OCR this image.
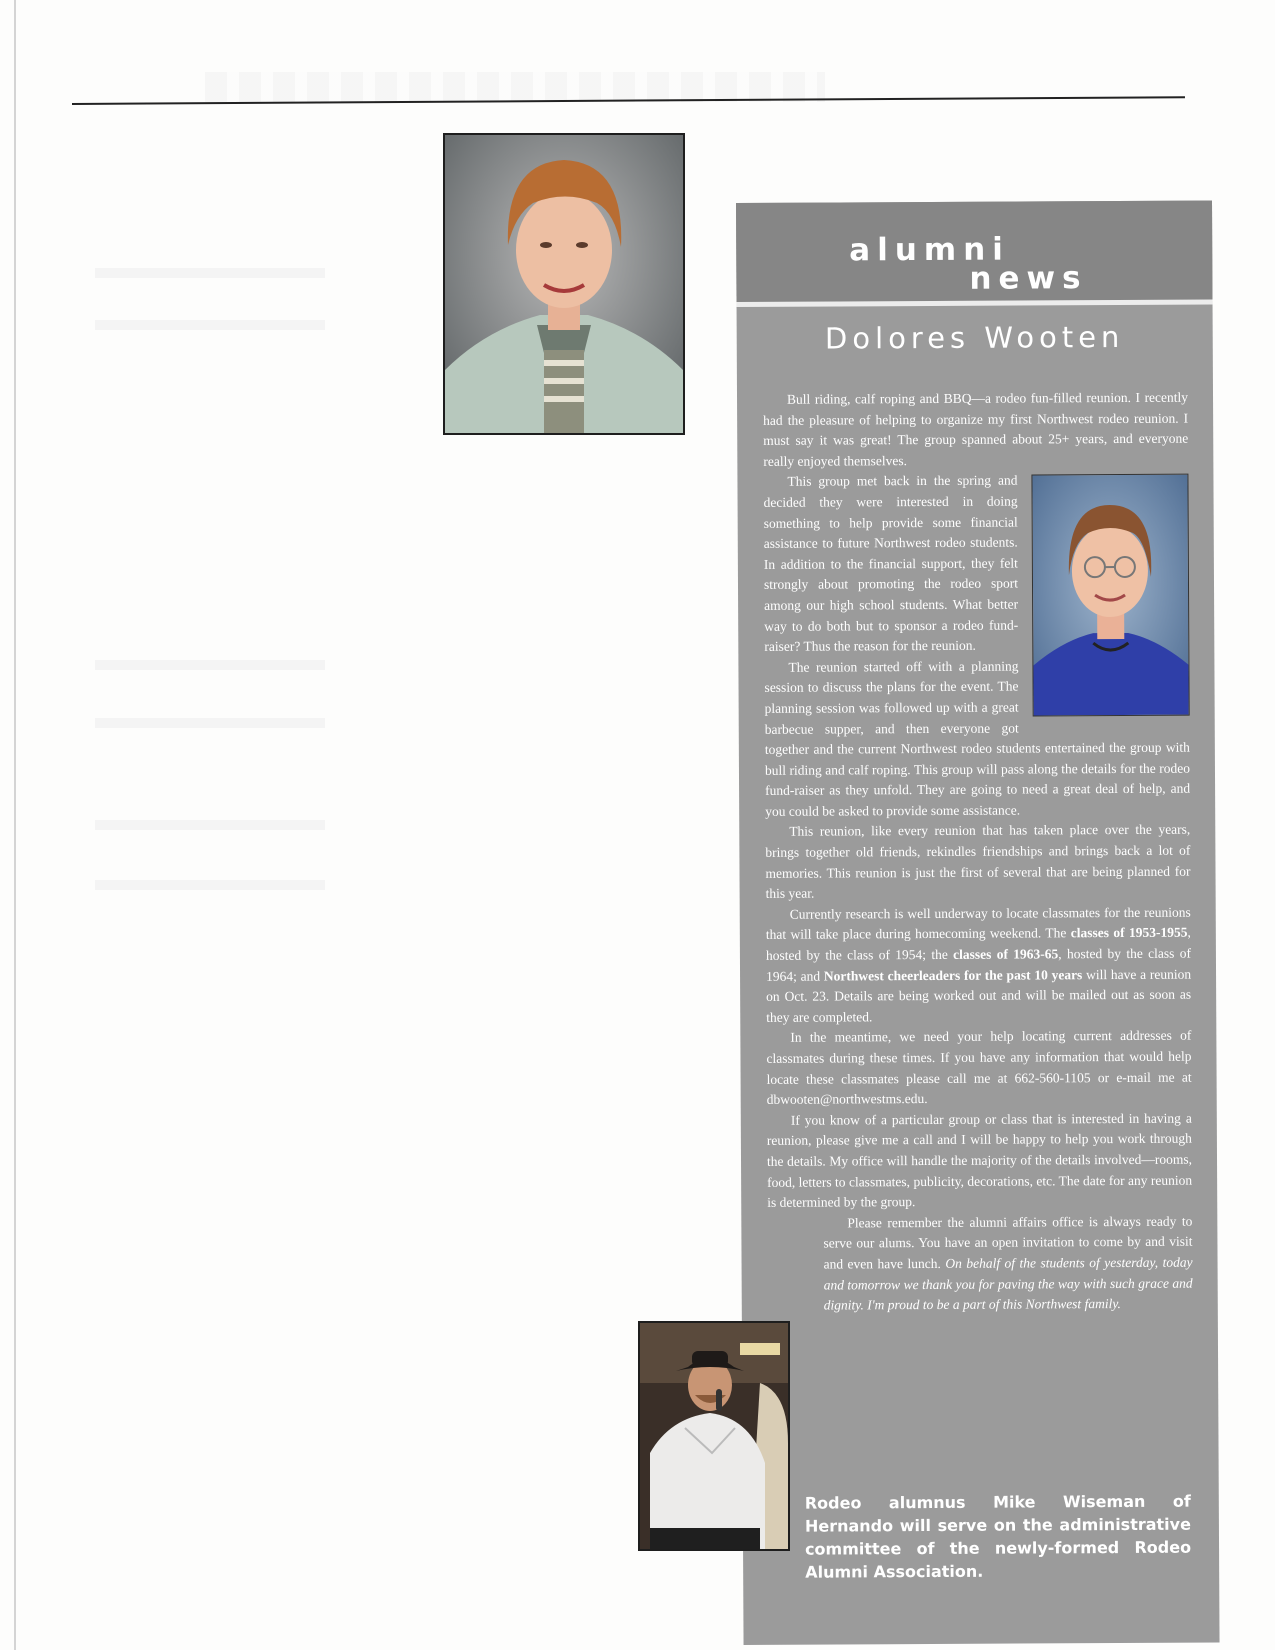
alumni
news
Dolores Wooten

Bull riding, calf roping and BBQ—a rodeo fun-filled reunion. I recently had the pleasure of helping to organize my first Northwest rodeo reunion. I must say it was great! The group spanned about 25+ years, and everyone really enjoyed themselves.

This group met back in the spring and decided they were interested in doing something to help provide some financial assistance to future Northwest rodeo students. In addition to the financial support, they felt strongly about promoting the rodeo sport among our high school students. What better way to do both but to sponsor a rodeo fund-raiser? Thus the reason for the reunion.

The reunion started off with a planning session to discuss the plans for the event. The planning session was followed up with a great barbecue supper, and then everyone got together and the current Northwest rodeo students entertained the group with bull riding and calf roping. This group will pass along the details for the rodeo fund-raiser as they unfold. They are going to need a great deal of help, and you could be asked to provide some assistance.

This reunion, like every reunion that has taken place over the years, brings together old friends, rekindles friendships and brings back a lot of memories. This reunion is just the first of several that are being planned for this year.

Currently research is well underway to locate classmates for the reunions that will take place during homecoming weekend. The classes of 1953-1955, hosted by the class of 1954; the classes of 1963-65, hosted by the class of 1964; and Northwest cheerleaders for the past 10 years will have a reunion on Oct. 23. Details are being worked out and will be mailed out as soon as they are completed.

In the meantime, we need your help locating current addresses of classmates during these times. If you have any information that would help locate these classmates please call me at 662-560-1105 or e-mail me at dbwooten@northwestms.edu.

If you know of a particular group or class that is interested in having a reunion, please give me a call and I will be happy to help you work through the details. My office will handle the majority of the details involved—rooms, food, letters to classmates, publicity, decorations, etc. The date for any reunion is determined by the group.

Please remember the alumni affairs office is always ready to serve our alums. You have an open invitation to come by and visit and even have lunch. On behalf of the students of yesterday, today and tomorrow we thank you for paving the way with such grace and dignity. I'm proud to be a part of this Northwest family.

Rodeo alumnus Mike Wiseman of Hernando will serve on the administrative committee of the newly-formed Rodeo Alumni Association.
